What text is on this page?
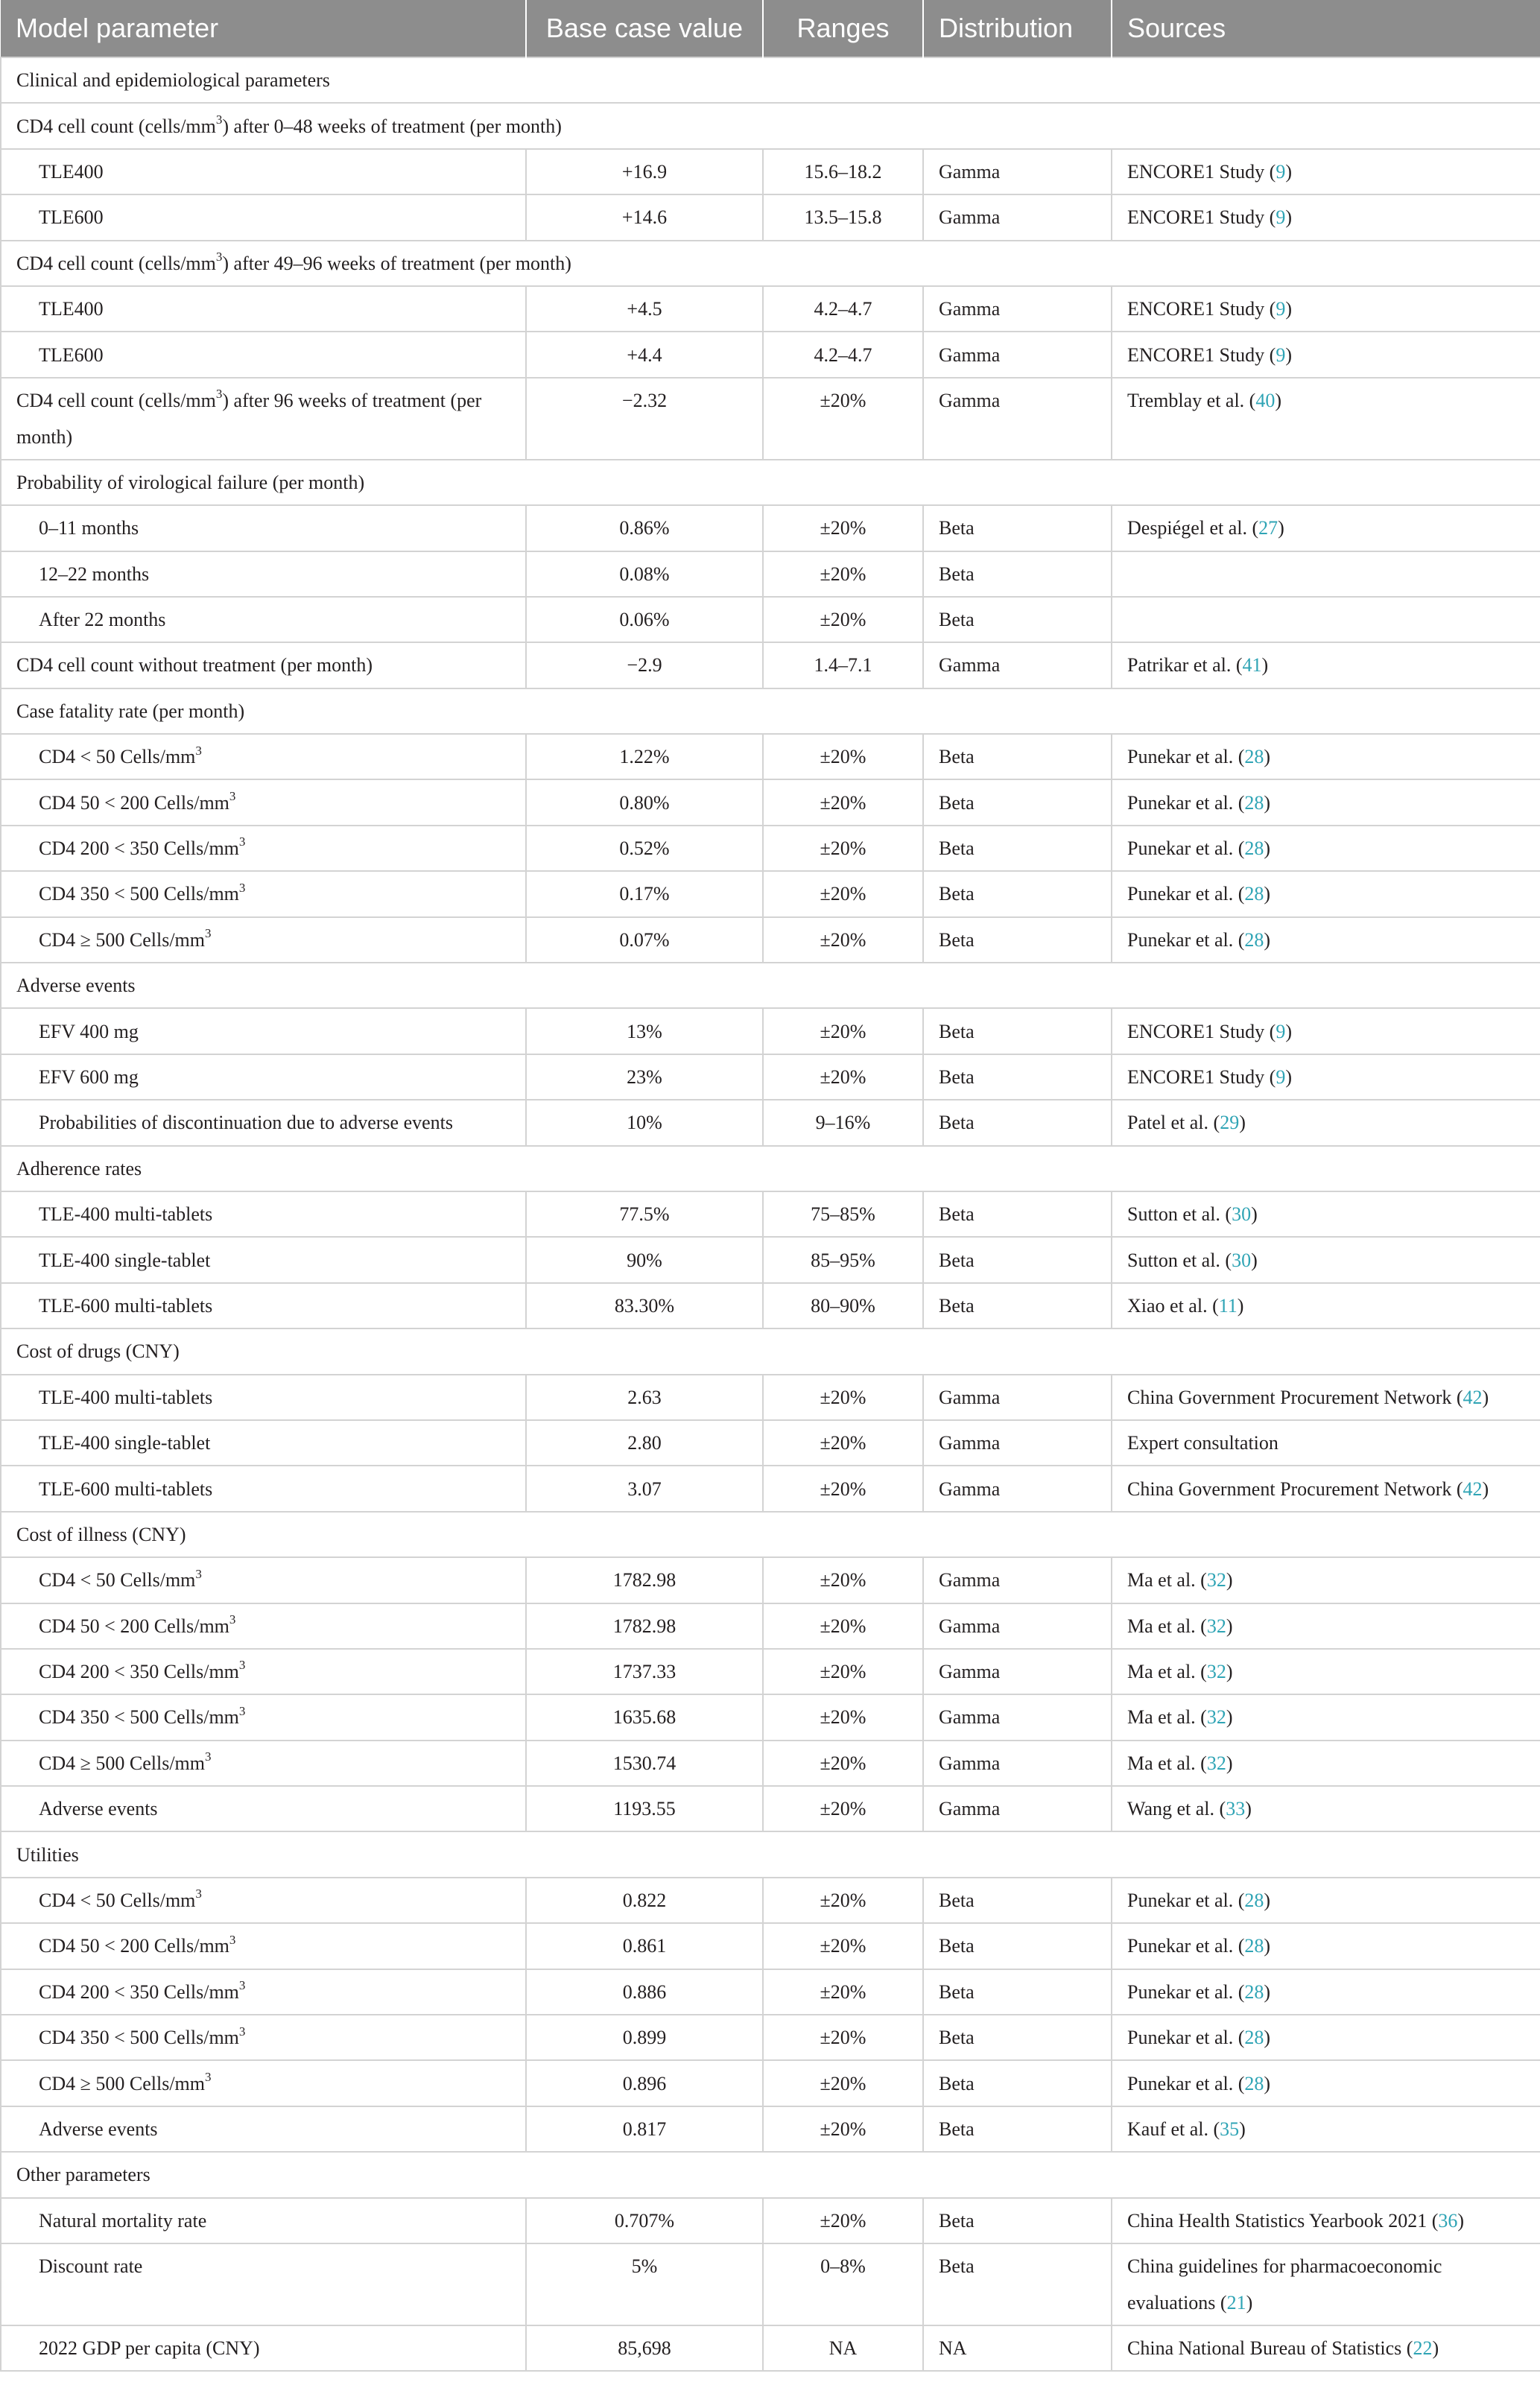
Model parameter	Base case value	Ranges	Distribution	Sources
Clinical and epidemiological parameters				
CD4 cell count $(cells/mm^3)$ after 0–48 weeks of treatment (per month)				
TLE400	+16.9	15.6–18.2	Gamma	ENCORE1 Study (9)
TLE600	+14.6	13.5–15.8	Gamma	ENCORE1 Study (9)
CD4 cell count $(cells/mm^3)$ after 49–96 weeks of treatment (per month)				
TLE400	+4.5	4.2–4.7	Gamma	ENCORE1 Study (9)
TLE600	+4.4	4.2–4.7	Gamma	ENCORE1 Study (9)
CD4 cell count $(cells/mm^3)$ after 96 weeks of treatment (per month)	−2.32	±20%	Gamma	Tremblay et al. (40)
Probability of virological failure (per month)				
0–11 months	0.86%	±20%	Beta	Despiégel et al. (27)
12–22 months	0.08%	±20%	Beta	
After 22 months	0.06%	±20%	Beta	
CD4 cell count without treatment (per month)	−2.9	1.4–7.1	Gamma	Patrikar et al. (41)
Case fatality rate (per month)				
CD4 < 50 Cells/$mm^3$	1.22%	±20%	Beta	Punekar et al. (28)
CD4 50 < 200 Cells/$mm^3$	0.80%	±20%	Beta	Punekar et al. (28)
CD4 200 < 350 Cells/$mm^3$	0.52%	±20%	Beta	Punekar et al. (28)
CD4 350 < 500 Cells/$mm^3$	0.17%	±20%	Beta	Punekar et al. (28)
CD4 ≥ 500 Cells/$mm^3$	0.07%	±20%	Beta	Punekar et al. (28)
Adverse events				
EFV 400 mg	13%	±20%	Beta	ENCORE1 Study (9)
EFV 600 mg	23%	±20%	Beta	ENCORE1 Study (9)
Probabilities of discontinuation due to adverse events	10%	9–16%	Beta	Patel et al. (29)
Adherence rates				
TLE-400 multi-tablets	77.5%	75–85%	Beta	Sutton et al. (30)
TLE-400 single-tablet	90%	85–95%	Beta	Sutton et al. (30)
TLE-600 multi-tablets	83.30%	80–90%	Beta	Xiao et al. (11)
Cost of drugs (CNY)				
TLE-400 multi-tablets	2.63	±20%	Gamma	China Government Procurement Network (42)
TLE-400 single-tablet	2.80	±20%	Gamma	Expert consultation
TLE-600 multi-tablets	3.07	±20%	Gamma	China Government Procurement Network (42)
Cost of illness (CNY)				
CD4 < 50 Cells/$mm^3$	1782.98	±20%	Gamma	Ma et al. (32)
CD4 50 < 200 Cells/$mm^3$	1782.98	±20%	Gamma	Ma et al. (32)
CD4 200 < 350 Cells/$mm^3$	1737.33	±20%	Gamma	Ma et al. (32)
CD4 350 < 500 Cells/$mm^3$	1635.68	±20%	Gamma	Ma et al. (32)
CD4 ≥ 500 Cells/$mm^3$	1530.74	±20%	Gamma	Ma et al. (32)
Adverse events	1193.55	±20%	Gamma	Wang et al. (33)
Utilities				
CD4 < 50 Cells/$mm^3$	0.822	±20%	Beta	Punekar et al. (28)
CD4 50 < 200 Cells/$mm^3$	0.861	±20%	Beta	Punekar et al. (28)
CD4 200 < 350 Cells/$mm^3$	0.886	±20%	Beta	Punekar et al. (28)
CD4 350 < 500 Cells/$mm^3$	0.899	±20%	Beta	Punekar et al. (28)
CD4 ≥ 500 Cells/$mm^3$	0.896	±20%	Beta	Punekar et al. (28)
Adverse events	0.817	±20%	Beta	Kauf et al. (35)
Other parameters				
Natural mortality rate	0.707%	±20%	Beta	China Health Statistics Yearbook 2021 (36)
Discount rate	5%	0–8%	Beta	China guidelines for pharmacoeconomic evaluations (21)
2022 GDP per capita (CNY)	85,698	NA	NA	China National Bureau of Statistics (22)
